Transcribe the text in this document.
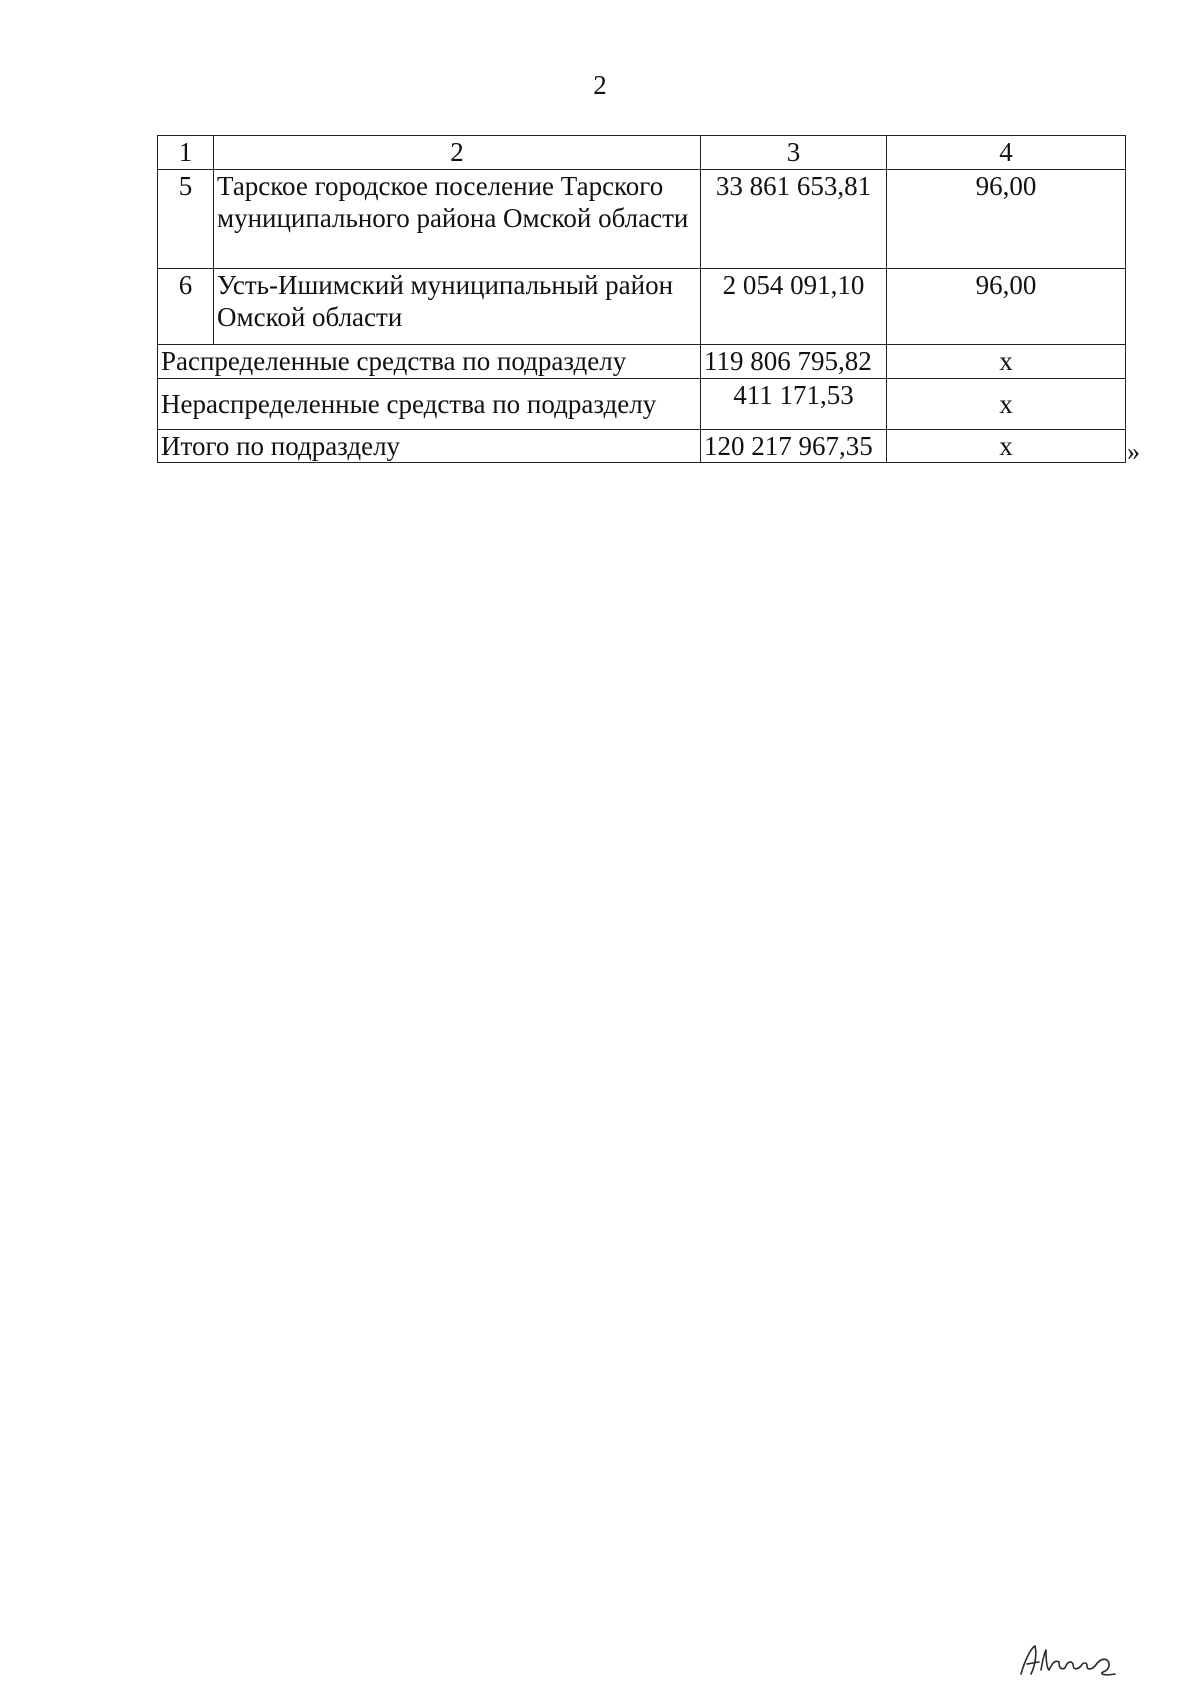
2
1	2	3	4
5	Тарское городское поселение Тарского муниципального района Омской области	33 861 653,81	96,00
6	Усть-Ишимский муниципальный район Омской области	2 054 091,10	96,00
Распределенные средства по подразделу		119 806 795,82	х
Нераспределенные средства по подразделу		411 171,53	х
Итого по подразделу		120 217 967,35	х	»
